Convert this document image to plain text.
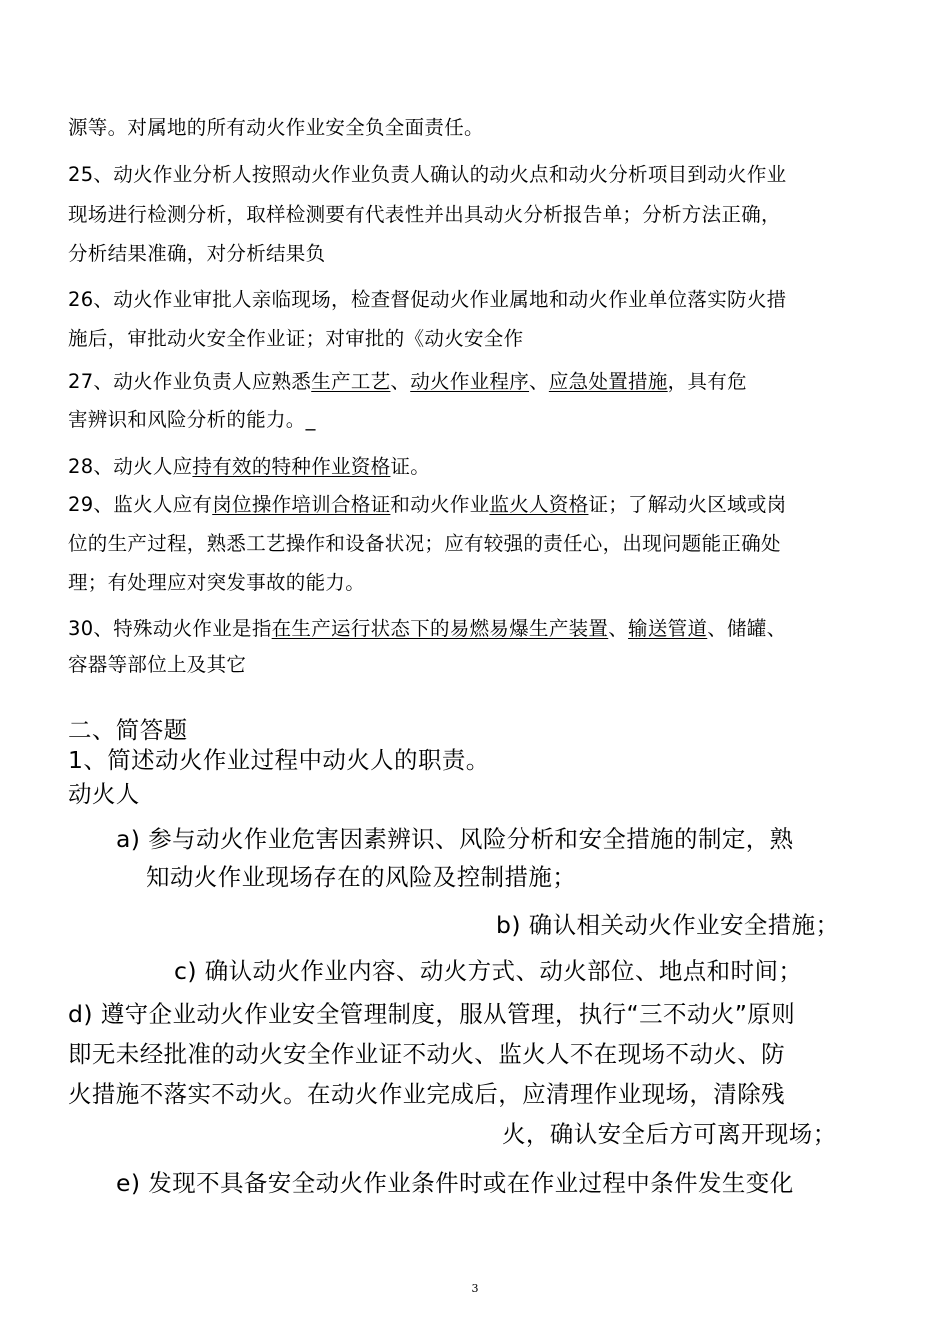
源等。对属地的所有动火作业安全负全面责任。
25、动火作业分析人按照动火作业负责人确认的动火点和动火分析项目到动火作业
现场进行检测分析，取样检测要有代表性并出具动火分析报告单；分析方法正确，
分析结果准确，对分析结果负
26、动火作业审批人亲临现场，检查督促动火作业属地和动火作业单位落实防火措
施后，审批动火安全作业证；对审批的《动火安全作
27、动火作业负责人应熟悉生产工艺、动火作业程序、应急处置措施，具有危
害辨识和风险分析的能力。_
28、动火人应持有效的特种作业资格证。
29、监火人应有岗位操作培训合格证和动火作业监火人资格证；了解动火区域或岗
位的生产过程，熟悉工艺操作和设备状况；应有较强的责任心，出现问题能正确处
理；有处理应对突发事故的能力。
30、特殊动火作业是指在生产运行状态下的易燃易爆生产装置、输送管道、储罐、
容器等部位上及其它
二、简答题
1、简述动火作业过程中动火人的职责。
动火人
a) 参与动火作业危害因素辨识、风险分析和安全措施的制定，熟
知动火作业现场存在的风险及控制措施；
b) 确认相关动火作业安全措施；
c) 确认动火作业内容、动火方式、动火部位、地点和时间；
d) 遵守企业动火作业安全管理制度，服从管理，执行“三不动火”原则
即无未经批准的动火安全作业证不动火、监火人不在现场不动火、防
火措施不落实不动火。在动火作业完成后，应清理作业现场，清除残
火，确认安全后方可离开现场；
e) 发现不具备安全动火作业条件时或在作业过程中条件发生变化
3
